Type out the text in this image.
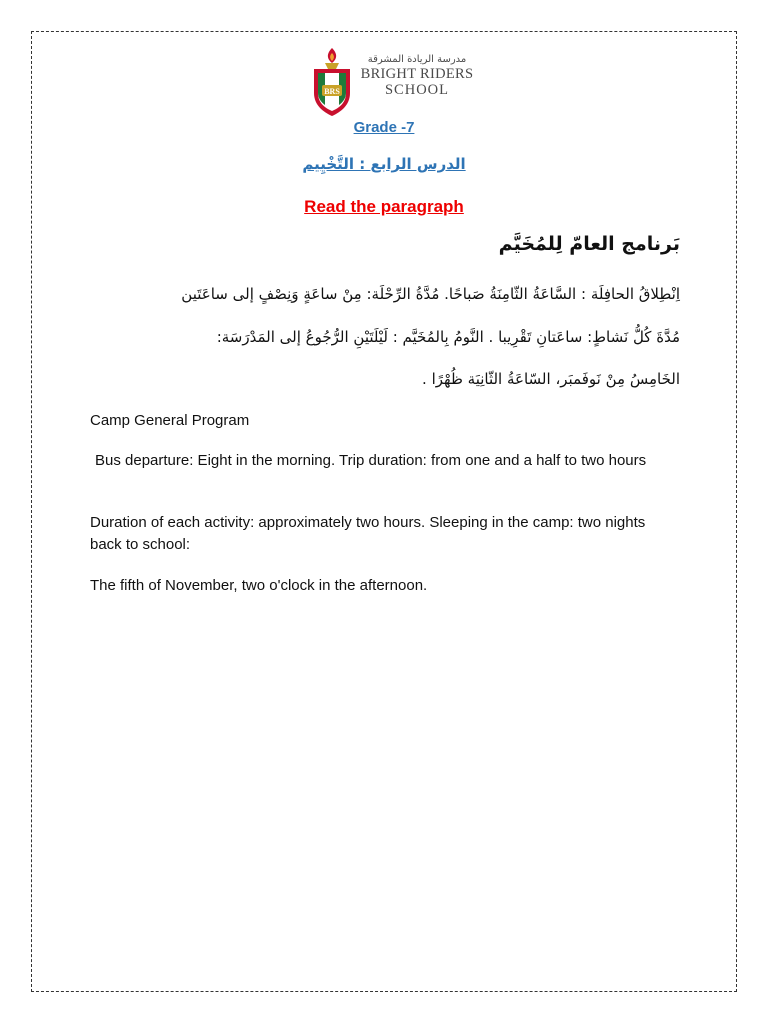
BRS
مدرسة الريادة المشرقة
BRIGHT RIDERS
SCHOOL
Grade -7
الدرس الرابع : التَّخْيِيم
Read the paragraph
بَرنامج العامّ لِلمُخَيَّم
اِنْطِلاقُ الحافِلَة : السَّاعَةُ الثّامِنَةُ صَباحًا. مُدَّةُ الرِّحْلَة: مِنْ ساعَةٍ وَنِصْفٍ إلى ساعَتَين
مُدَّةَ كُلُّ نَشاطٍ: ساعَتانِ تَقْرِيبا . النَّومُ بِالمُخَيَّم : لَيْلَتَيْنِ الرُّجُوعُ إلى المَدْرَسَة:
الخَامِسُ مِنْ نَوفَمبَر، السّاعَةُ الثّانِيَة ظُهْرًا .
Camp General Program
Bus departure: Eight in the morning. Trip duration: from one and a half to two hours
Duration of each activity: approximately two hours. Sleeping in the camp: two nights back to school:
The fifth of November, two o'clock in the afternoon.
